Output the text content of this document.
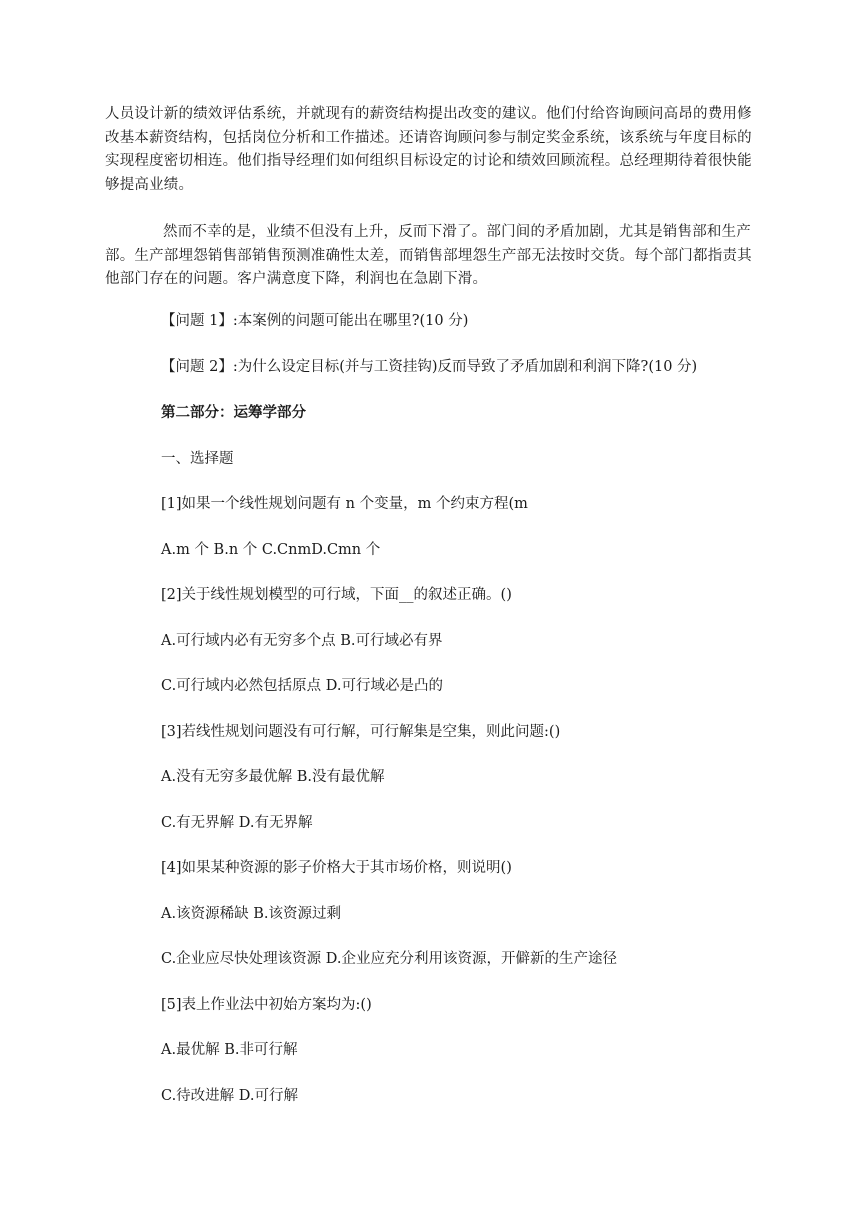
人员设计新的绩效评估系统，并就现有的薪资结构提出改变的建议。他们付给咨询顾问高昂的费用修改基本薪资结构，包括岗位分析和工作描述。还请咨询顾问参与制定奖金系统，该系统与年度目标的实现程度密切相连。他们指导经理们如何组织目标设定的讨论和绩效回顾流程。总经理期待着很快能够提高业绩。

然而不幸的是，业绩不但没有上升，反而下滑了。部门间的矛盾加剧，尤其是销售部和生产部。生产部埋怨销售部销售预测准确性太差，而销售部埋怨生产部无法按时交货。每个部门都指责其他部门存在的问题。客户满意度下降，利润也在急剧下滑。

【问题 1】:本案例的问题可能出在哪里?(10 分)

【问题 2】:为什么设定目标(并与工资挂钩)反而导致了矛盾加剧和利润下降?(10 分)

第二部分：运筹学部分

一、选择题

[1]如果一个线性规划问题有 n 个变量，m 个约束方程(m

A.m 个 B.n 个 C.CnmD.Cmn 个

[2]关于线性规划模型的可行域，下面__的叙述正确。()

A.可行域内必有无穷多个点 B.可行域必有界

C.可行域内必然包括原点 D.可行域必是凸的

[3]若线性规划问题没有可行解，可行解集是空集，则此问题:()

A.没有无穷多最优解 B.没有最优解

C.有无界解 D.有无界解

[4]如果某种资源的影子价格大于其市场价格，则说明()

A.该资源稀缺 B.该资源过剩

C.企业应尽快处理该资源 D.企业应充分利用该资源，开僻新的生产途径

[5]表上作业法中初始方案均为:()

A.最优解 B.非可行解

C.待改进解 D.可行解
